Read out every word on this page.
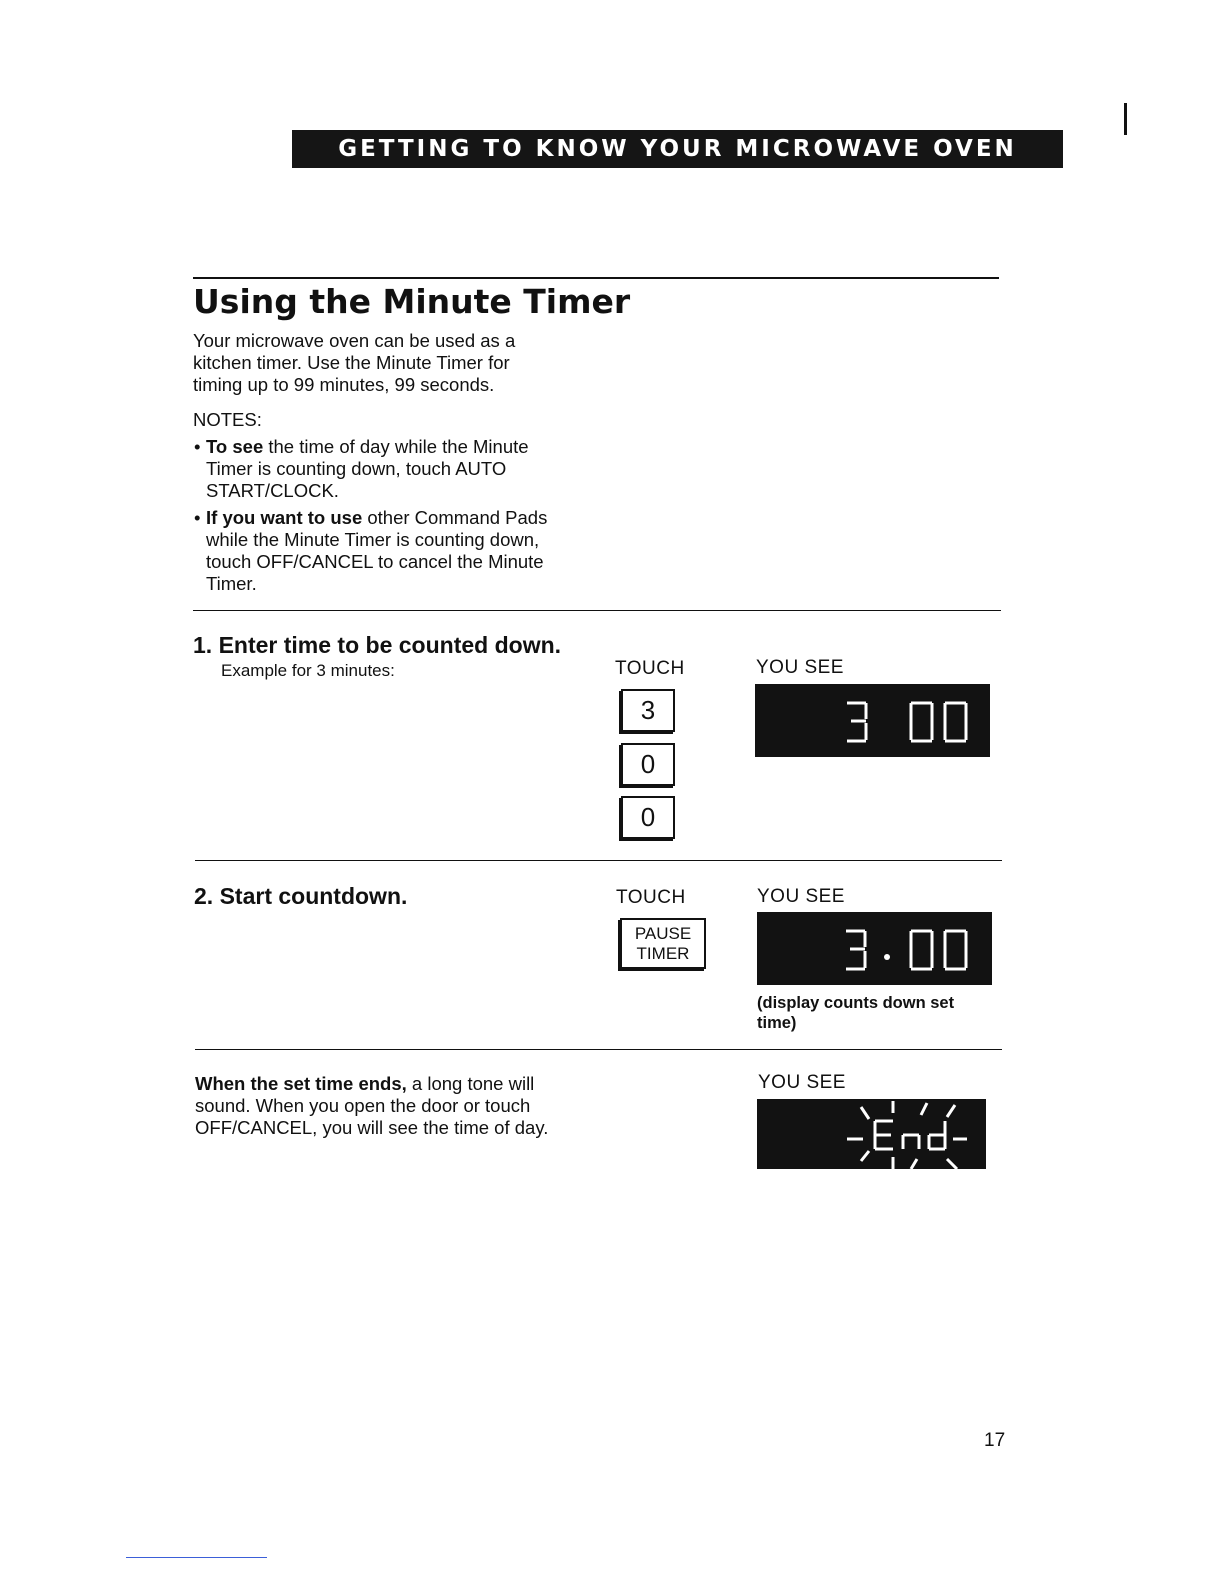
GETTING TO KNOW YOUR MICROWAVE OVEN
Using the Minute Timer
Your microwave oven can be used as a
kitchen timer. Use the Minute Timer for
timing up to 99 minutes, 99 seconds.
NOTES:
• To see the time of day while the Minute
Timer is counting down, touch AUTO
START/CLOCK.
• If you want to use other Command Pads
while the Minute Timer is counting down,
touch OFF/CANCEL to cancel the Minute
Timer.
1. Enter time to be counted down.
Example for 3 minutes:	TOUCH	YOU SEE
3
0
0
2. Start countdown.	TOUCH	YOU SEE
PAUSE
TIMER
(display counts down set
time)
When the set time ends, a long tone will
sound. When you open the door or touch
OFF/CANCEL, you will see the time of day.
YOU SEE
17
